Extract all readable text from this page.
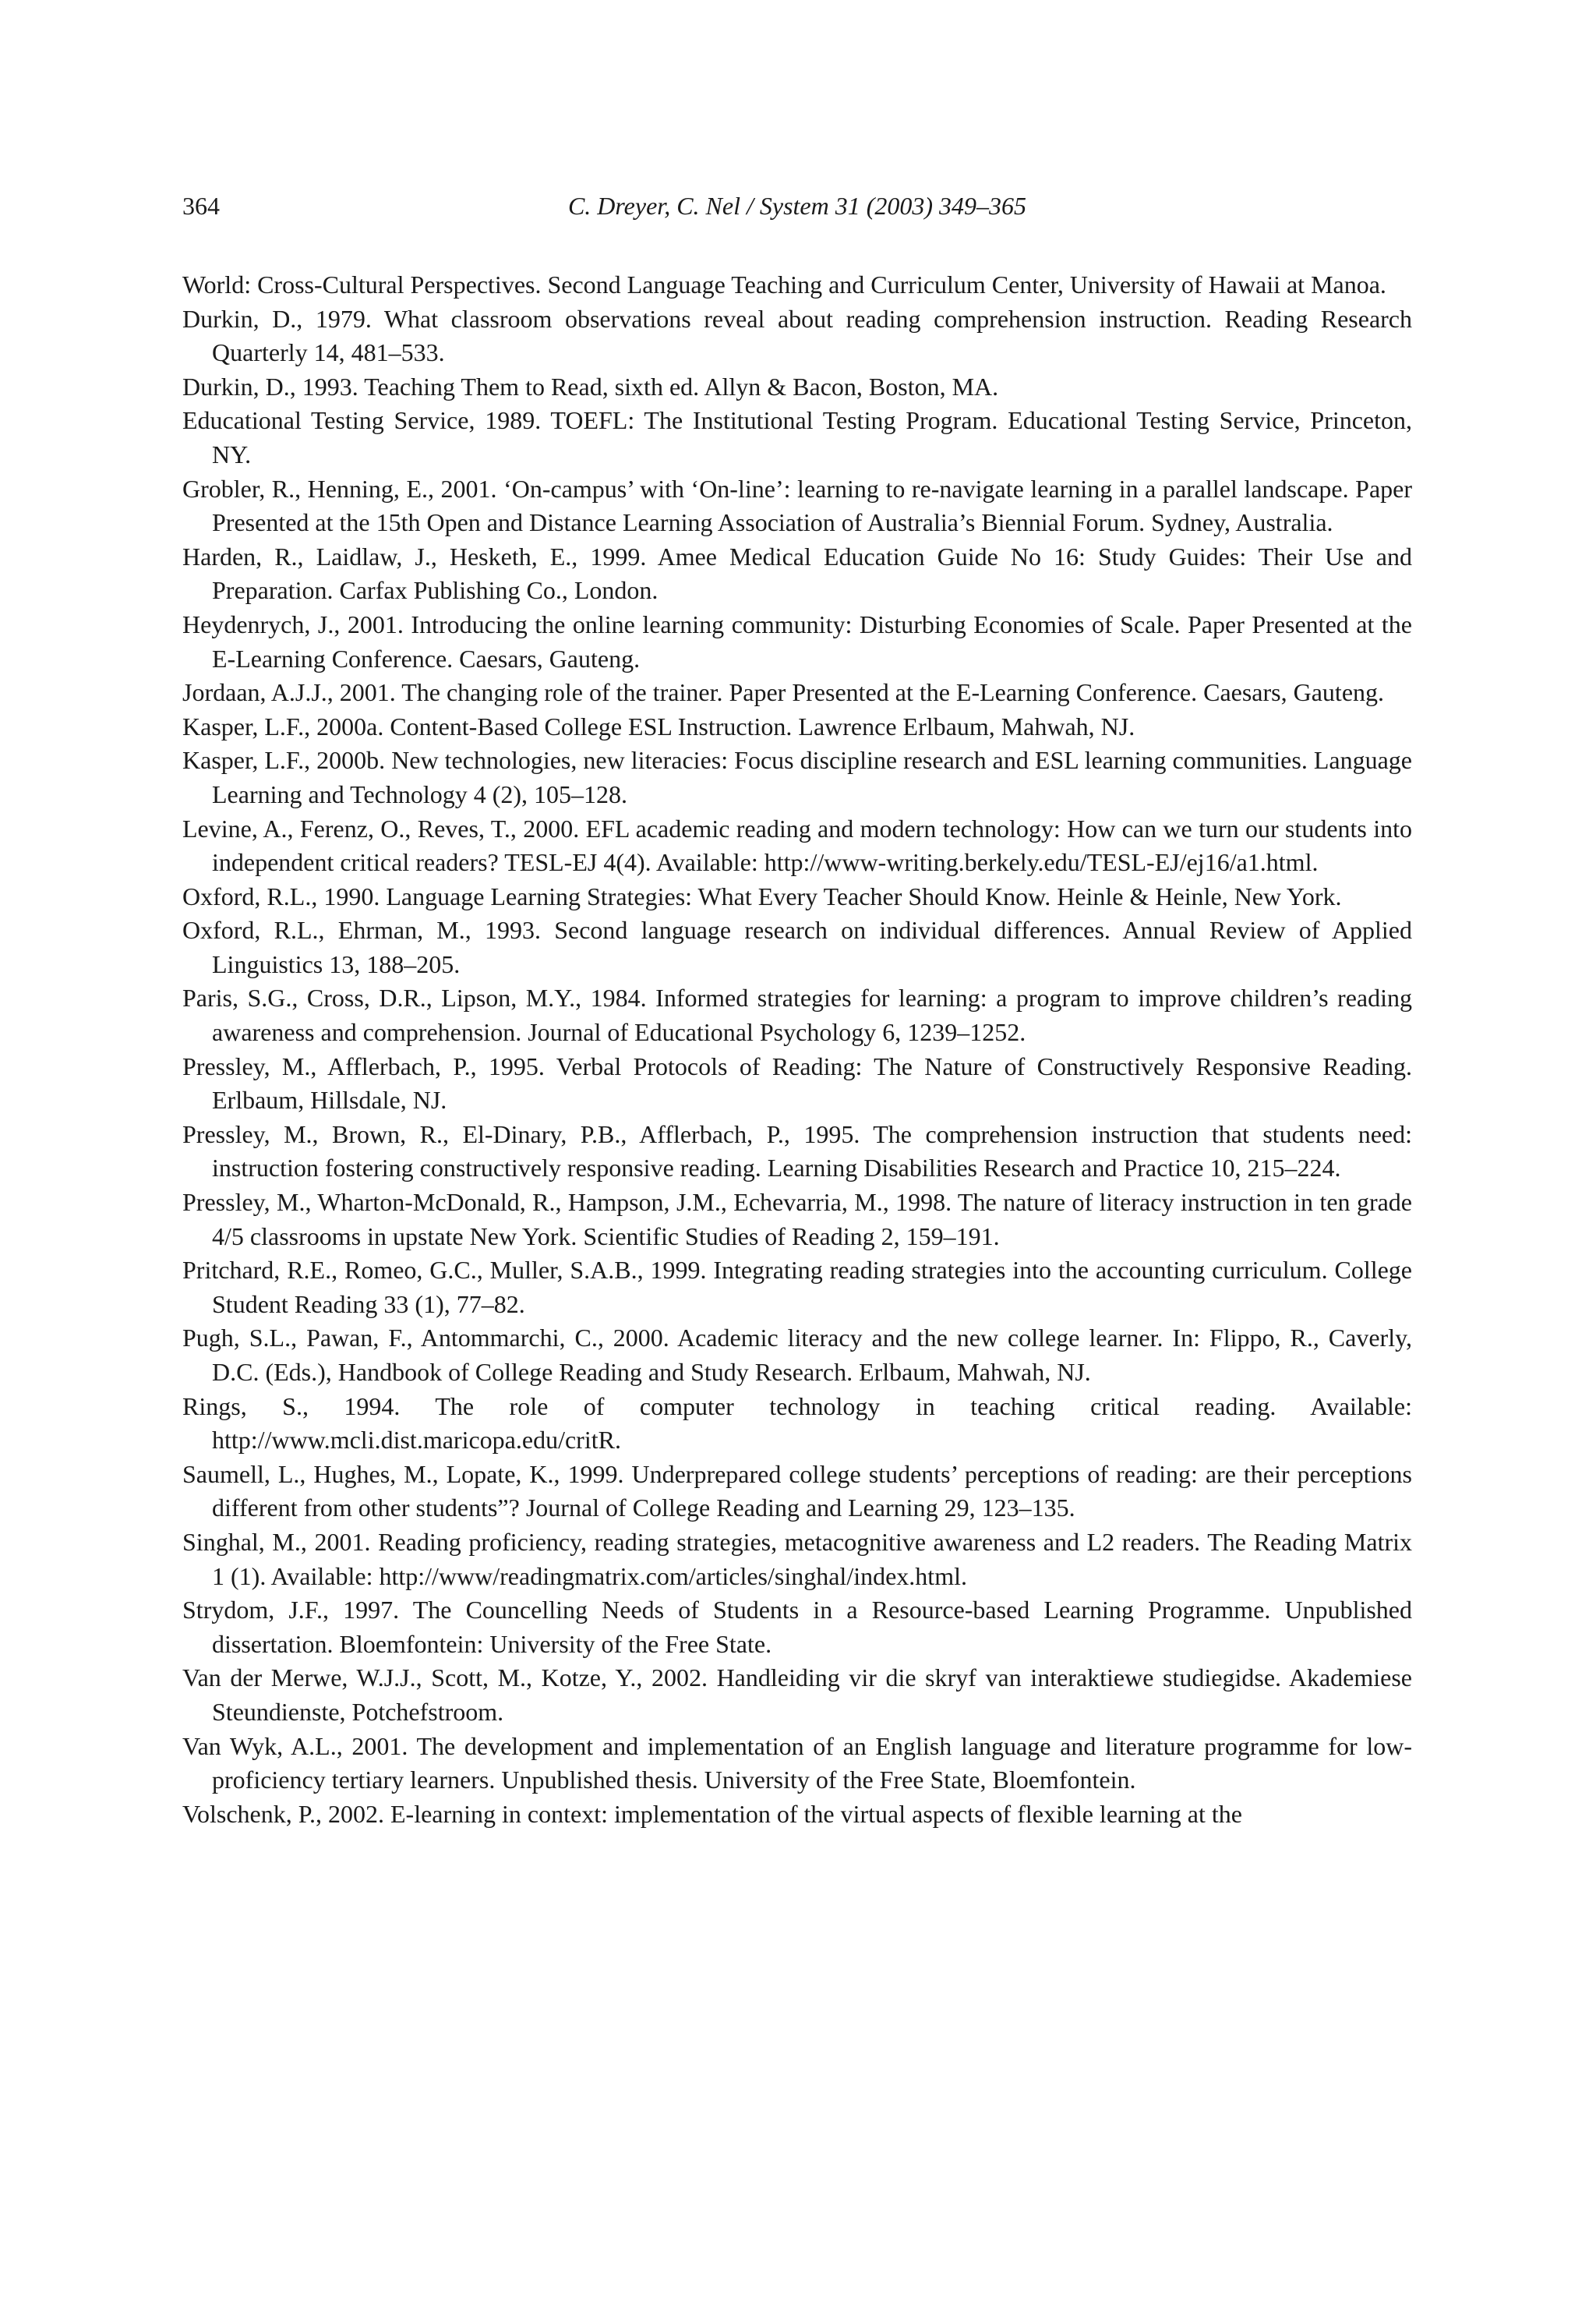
364	C. Dreyer, C. Nel / System 31 (2003) 349–365
World: Cross-Cultural Perspectives. Second Language Teaching and Curriculum Center, University of Hawaii at Manoa.
Durkin, D., 1979. What classroom observations reveal about reading comprehension instruction. Reading Research Quarterly 14, 481–533.
Durkin, D., 1993. Teaching Them to Read, sixth ed. Allyn & Bacon, Boston, MA.
Educational Testing Service, 1989. TOEFL: The Institutional Testing Program. Educational Testing Service, Princeton, NY.
Grobler, R., Henning, E., 2001. ‘On-campus’ with ‘On-line’: learning to re-navigate learning in a parallel landscape. Paper Presented at the 15th Open and Distance Learning Association of Australia’s Biennial Forum. Sydney, Australia.
Harden, R., Laidlaw, J., Hesketh, E., 1999. Amee Medical Education Guide No 16: Study Guides: Their Use and Preparation. Carfax Publishing Co., London.
Heydenrych, J., 2001. Introducing the online learning community: Disturbing Economies of Scale. Paper Presented at the E-Learning Conference. Caesars, Gauteng.
Jordaan, A.J.J., 2001. The changing role of the trainer. Paper Presented at the E-Learning Conference. Caesars, Gauteng.
Kasper, L.F., 2000a. Content-Based College ESL Instruction. Lawrence Erlbaum, Mahwah, NJ.
Kasper, L.F., 2000b. New technologies, new literacies: Focus discipline research and ESL learning communities. Language Learning and Technology 4 (2), 105–128.
Levine, A., Ferenz, O., Reves, T., 2000. EFL academic reading and modern technology: How can we turn our students into independent critical readers? TESL-EJ 4(4). Available: http://www-writing.berkely.edu/TESL-EJ/ej16/a1.html.
Oxford, R.L., 1990. Language Learning Strategies: What Every Teacher Should Know. Heinle & Heinle, New York.
Oxford, R.L., Ehrman, M., 1993. Second language research on individual differences. Annual Review of Applied Linguistics 13, 188–205.
Paris, S.G., Cross, D.R., Lipson, M.Y., 1984. Informed strategies for learning: a program to improve children’s reading awareness and comprehension. Journal of Educational Psychology 6, 1239–1252.
Pressley, M., Afflerbach, P., 1995. Verbal Protocols of Reading: The Nature of Constructively Responsive Reading. Erlbaum, Hillsdale, NJ.
Pressley, M., Brown, R., El-Dinary, P.B., Afflerbach, P., 1995. The comprehension instruction that students need: instruction fostering constructively responsive reading. Learning Disabilities Research and Practice 10, 215–224.
Pressley, M., Wharton-McDonald, R., Hampson, J.M., Echevarria, M., 1998. The nature of literacy instruction in ten grade 4/5 classrooms in upstate New York. Scientific Studies of Reading 2, 159–191.
Pritchard, R.E., Romeo, G.C., Muller, S.A.B., 1999. Integrating reading strategies into the accounting curriculum. College Student Reading 33 (1), 77–82.
Pugh, S.L., Pawan, F., Antommarchi, C., 2000. Academic literacy and the new college learner. In: Flippo, R., Caverly, D.C. (Eds.), Handbook of College Reading and Study Research. Erlbaum, Mahwah, NJ.
Rings, S., 1994. The role of computer technology in teaching critical reading. Available: http://www.mcli.dist.maricopa.edu/critR.
Saumell, L., Hughes, M., Lopate, K., 1999. Underprepared college students’ perceptions of reading: are their perceptions different from other students”? Journal of College Reading and Learning 29, 123–135.
Singhal, M., 2001. Reading proficiency, reading strategies, metacognitive awareness and L2 readers. The Reading Matrix 1 (1). Available: http://www/readingmatrix.com/articles/singhal/index.html.
Strydom, J.F., 1997. The Councelling Needs of Students in a Resource-based Learning Programme. Unpublished dissertation. Bloemfontein: University of the Free State.
Van der Merwe, W.J.J., Scott, M., Kotze, Y., 2002. Handleiding vir die skryf van interaktiewe studiegidse. Akademiese Steundienste, Potchefstroom.
Van Wyk, A.L., 2001. The development and implementation of an English language and literature programme for low-proficiency tertiary learners. Unpublished thesis. University of the Free State, Bloemfontein.
Volschenk, P., 2002. E-learning in context: implementation of the virtual aspects of flexible learning at the
